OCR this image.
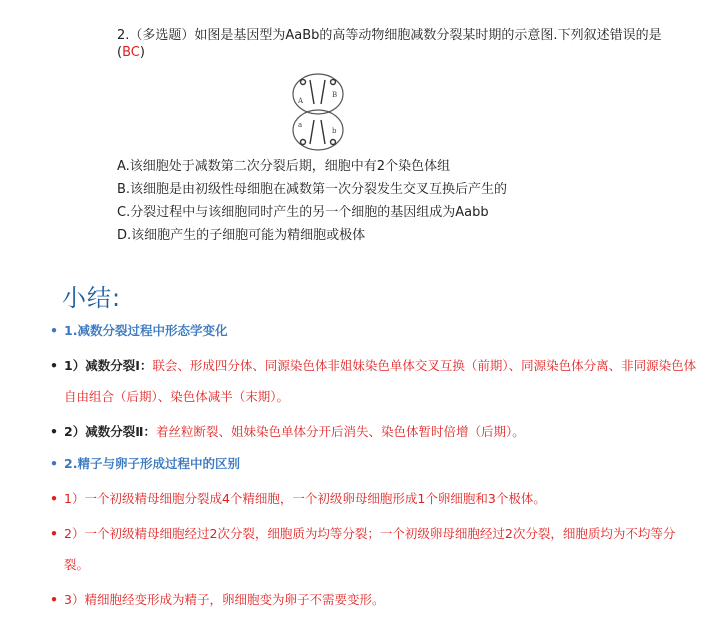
2.（多选题）如图是基因型为AaBb的高等动物细胞减数分裂某时期的示意图.下列叙述错误的是(BC)
A
a
B
b
A.该细胞处于减数第二次分裂后期，细胞中有2个染色体组
B.该细胞是由初级性母细胞在减数第一次分裂发生交叉互换后产生的
C.分裂过程中与该细胞同时产生的另一个细胞的基因组成为Aabb
D.该细胞产生的子细胞可能为精细胞或极体
小结:
• 1.减数分裂过程中形态学变化
• 1）减数分裂Ⅰ：联会、形成四分体、同源染色体非姐妹染色单体交叉互换（前期）、同源染色体分离、非同源染色体自由组合（后期）、染色体减半（末期）。
• 2）减数分裂Ⅱ：着丝粒断裂、姐妹染色单体分开后消失、染色体暂时倍增（后期）。
• 2.精子与卵子形成过程中的区别
• 1）一个初级精母细胞分裂成4个精细胞，一个初级卵母细胞形成1个卵细胞和3个极体。
• 2）一个初级精母细胞经过2次分裂，细胞质为均等分裂；一个初级卵母细胞经过2次分裂，细胞质均为不均等分裂。
• 3）精细胞经变形成为精子，卵细胞变为卵子不需要变形。
